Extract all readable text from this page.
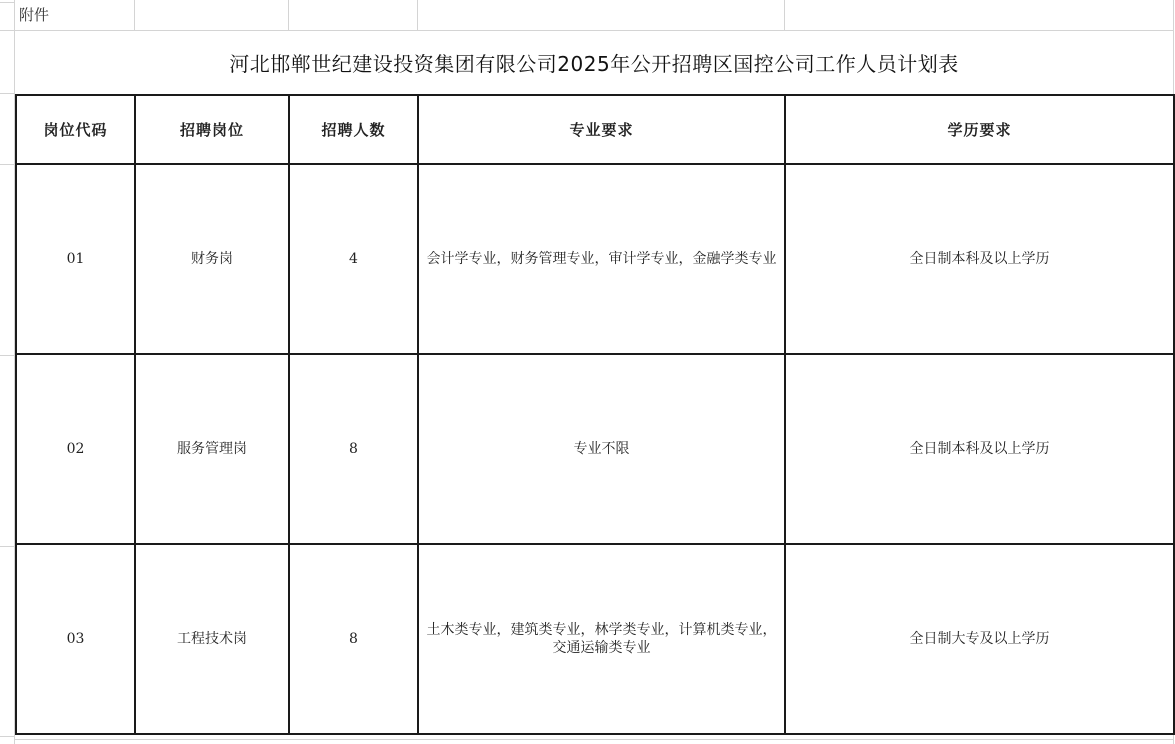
附件
河北邯郸世纪建设投资集团有限公司2025年公开招聘区国控公司工作人员计划表
岗位代码	招聘岗位	招聘人数	专业要求	学历要求
01	财务岗	4	会计学专业，财务管理专业，审计学专业，金融学类专业	全日制本科及以上学历
02	服务管理岗	8	专业不限	全日制本科及以上学历
03	工程技术岗	8	土木类专业，建筑类专业，林学类专业，计算机类专业，交通运输类专业	全日制大专及以上学历
